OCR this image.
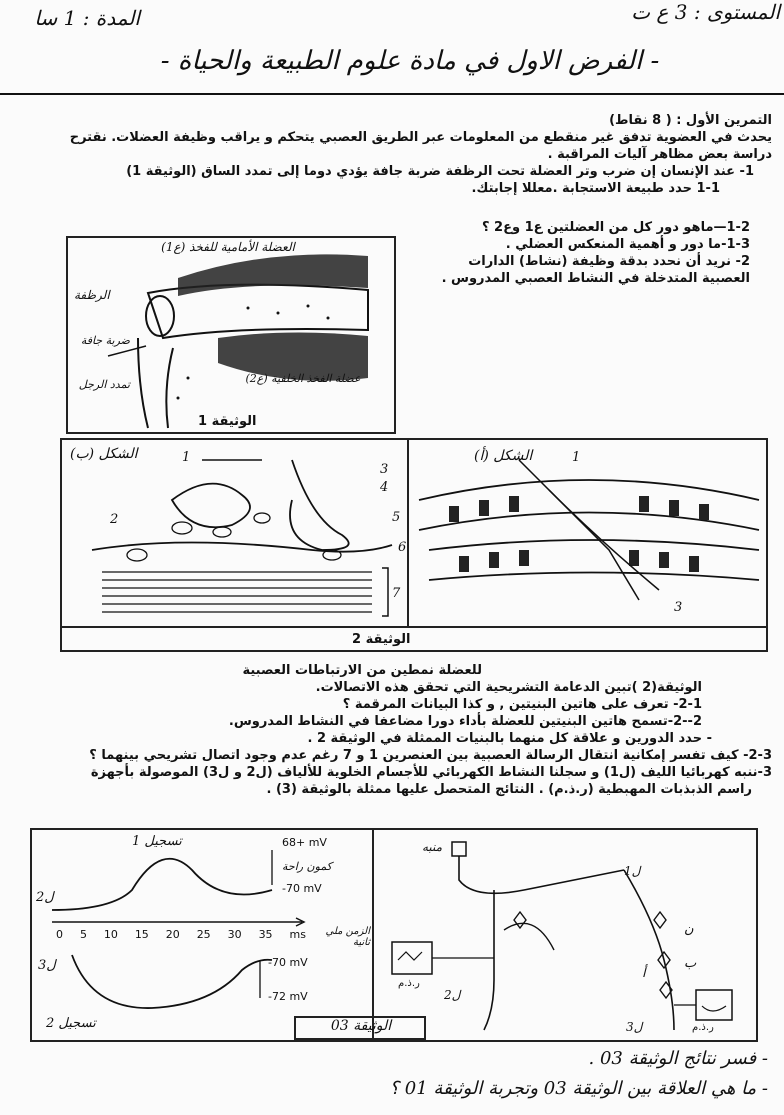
المستوى : 3 ع ت
المدة : 1 سا
- الفرض الاول في مادة علوم الطبيعة والحياة -
التمرين الأول : ( 8 نقاط)
يحدث في العضوية تدفق غير منقطع من المعلومات عبر الطريق العصبي يتحكم و يراقب وظيفة العضلات. نقترح
دراسة بعض مظاهر آليات المراقبة .
1- عند الإنسان إن ضرب وتر العضلة تحت الرظفة ضربة جافة يؤدي دوما إلى تمدد الساق (الوثيقة 1)
1-1 حدد طبيعة الاستجابة .معللا إجابتك.
1-2—ماهو دور كل من العضلتين ع1 وع2 ؟
1-3-ما دور و أهمية المنعكس العضلي .
2- نريد أن نحدد بدقة وظيفة (نشاط) الدارات
العصبية المتدخلة في النشاط العصبي المدروس .
العضلة الأمامية للفخذ (ع1)
الرظفة
ضربة جافة
تمدد الرجل	عضلة الفخذ الخلفية (ع2)
الوثيقة 1
الشكل (ب)	1
2
3
4
5
6
7
الشكل (أ)	1
3
الوثيقة 2
للعضلة نمطين من الارتباطات العصبية
الوثيقة(2 )تبين الدعامة التشريحية التي تحقق هذه الاتصالات.
2-1- تعرف على هاتين البنيتين , و كذا البيانات المرقمة ؟
2--2-تسمح هاتين البنيتين للعضلة بأداء دورا مضاعفا في النشاط المدروس.
- حدد الدورين و علاقة كل منهما بالبنيات الممثلة في الوثيقة 2 .
2-3- كيف تفسر إمكانية انتقال الرسالة العصبية بين العنصرين 1 و 7 رغم عدم وجود اتصال تشريحي بينهما ؟
3-ننبه كهربائيا الليف (ل1) و سجلنا النشاط الكهربائي للأجسام الخلوية للألياف (ل2 و ل3) الموصولة بأجهزة
راسم الذبذبات المهبطية (ر.ذ.م) . النتائج المتحصل عليها ممثلة بالوثيقة (3) .
تسجيل 1
ل2
68+ mV
كمون راحة
-70 mV
0 5 10 15 20 25 30 35 ms	الزمن ملي ثانية
ل3	-70 mV
-72 mV
تسجيل 2	الوثيقة 03
منبه
ل1
ن
ب
أ
ر.ذ.م
ل2
ر.ذ.م
ل3
- فسر نتائج الوثيقة 03 .
- ما هي العلاقة بين الوثيقة 03 وتجربة الوثيقة 01 ؟
